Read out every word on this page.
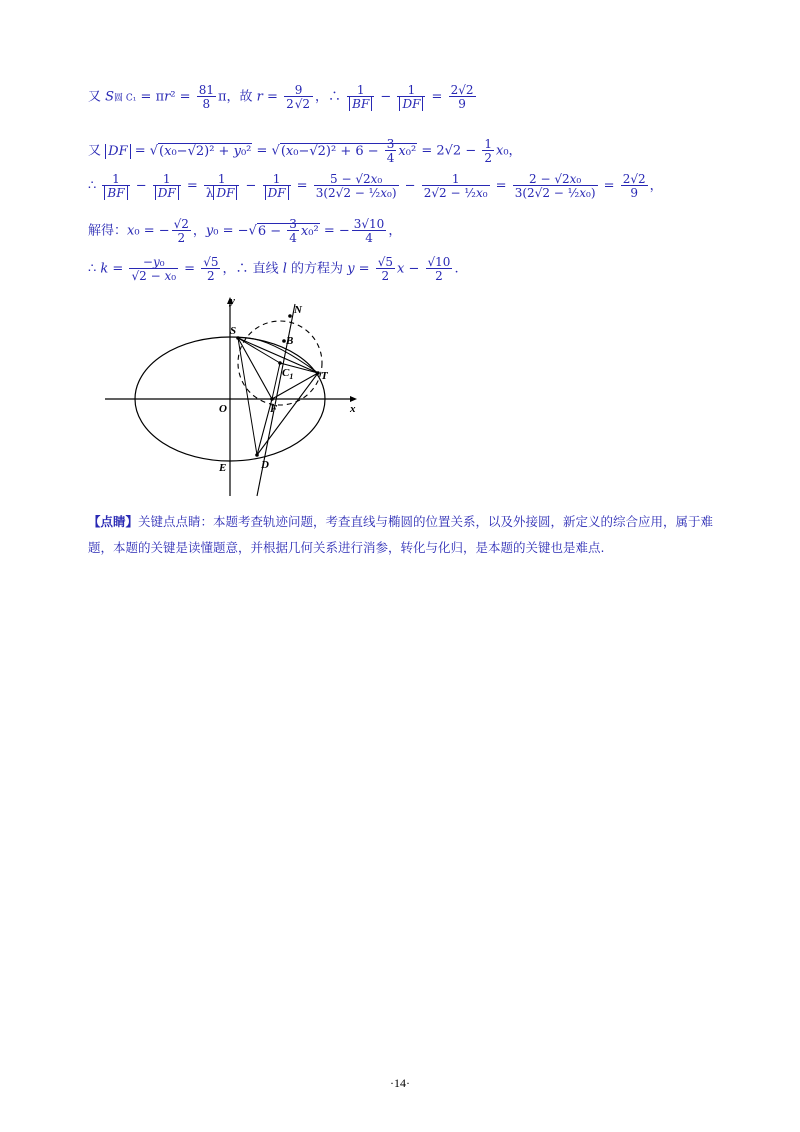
又 S圆 $C_1 = \pi r^2 = \frac{81}{8}$ π，故 $r = \frac{9}{2√2}$ ，∴ $\frac{1}{BF} - \frac{1}{DF} = \frac{2√2}{9}$
又 DF = $√(x_0-√2)^2 + y_0^2 = √(x_0-√2)^2 + 6 - \frac{3}{4} x_0^2 = 2√2 - \frac{1}{2} x_0$，
∴ $\frac{1}{BF} - \frac{1}{DF} = \frac{1}{\text{λ DF}} - \frac{1}{DF} = \frac{\text{5 − √2x₀}}{\text{3(2√2 − ½x₀)}} - \frac{1}{\text{2√2 − ½x₀}} = \frac{\text{2 − √2x₀}}{\text{3(2√2 − ½x₀)}} = \frac{2√2}{9}$ ，
解得：x₀ = − $\frac{√2}{2}$ ，$y_0 = -√6 - \frac{3}{4} x_0^2$ = − $\frac{3√10}{4}$ ，
∴ $k = \frac{\text{−y₀}}{\text{√2 − x₀}} = \frac{√5}{2}$ ，∴ 直线 l 的方程为 $y = \frac{√5}{2}$ $x - \frac{√10}{2}$ .
y
x
O
S
N
B
$C_1$	T
F
E	D
【点睛】关键点点睛：本题考查轨迹问题，考查直线与椭圆的位置关系，以及外接圆，新定义的综合应用，属于难题，本题的关键是读懂题意，并根据几何关系进行消参，转化与化归，是本题的关键也是难点.
·14·
